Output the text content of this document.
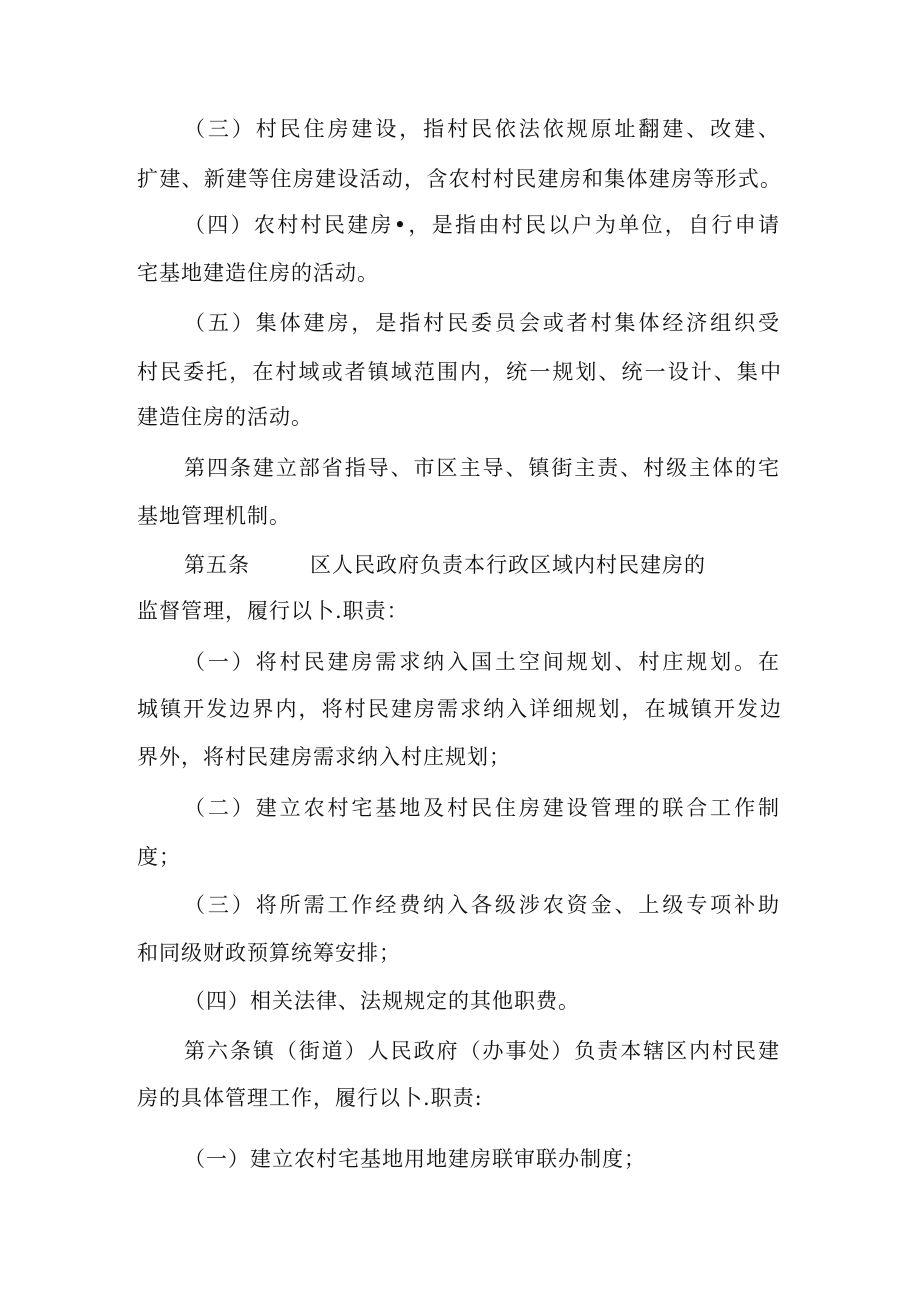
（三）村民住房建设，指村民依法依规原址翻建、改建、
扩建、新建等住房建设活动，含农村村民建房和集体建房等形式。
（四）农村村民建房•，是指由村民以户为单位，自行申请
宅基地建造住房的活动。
（五）集体建房，是指村民委员会或者村集体经济组织受
村民委托，在村域或者镇域范围内，统一规划、统一设计、集中
建造住房的活动。
第四条建立部省指导、市区主导、镇街主责、村级主体的宅
基地管理机制。
第五条	区人民政府负责本行政区域内村民建房的
监督管理，履行以卜.职责：
（一）将村民建房需求纳入国土空间规划、村庄规划。在
城镇开发边界内，将村民建房需求纳入详细规划，在城镇开发边
界外，将村民建房需求纳入村庄规划；
（二）建立农村宅基地及村民住房建设管理的联合工作制
度；
（三）将所需工作经费纳入各级涉农资金、上级专项补助
和同级财政预算统筹安排；
（四）相关法律、法规规定的其他职费。
第六条镇（街道）人民政府（办事处）负责本辖区内村民建
房的具体管理工作，履行以卜.职责:
（一）建立农村宅基地用地建房联审联办制度；
